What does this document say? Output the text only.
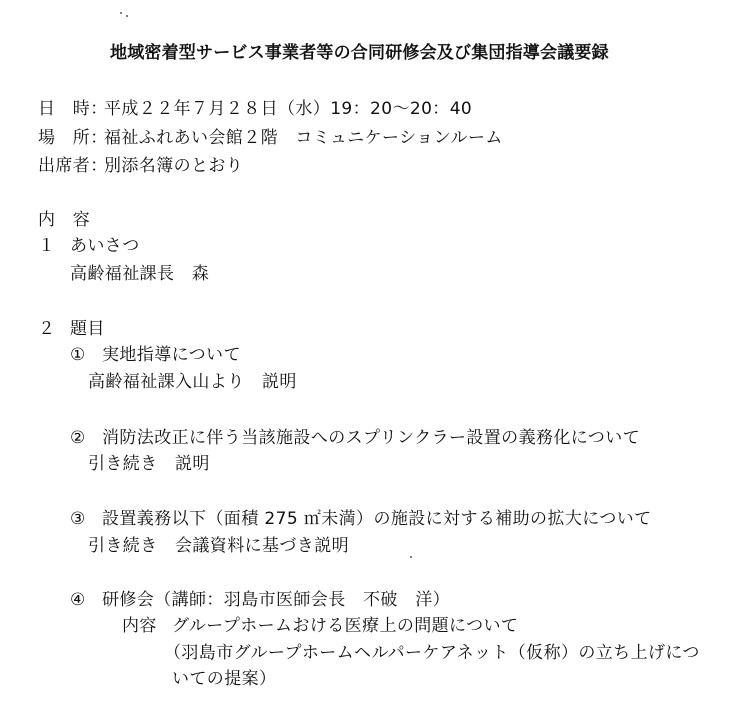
地域密着型サービス事業者等の合同研修会及び集団指導会議要録
日　時：
平成２２年７月２８日（水）19：20～20：40
場　所：
福祉ふれあい会館２階　コミュニケーションルーム
出席者：
別添名簿のとおり
内　容
１ あいさつ
高齢福祉課長　森
２ 題目
① 実地指導について
高齢福祉課入山より　説明
② 消防法改正に伴う当該施設へのスプリンクラー設置の義務化について
引き続き　説明
③ 設置義務以下（面積 275 ㎡未満）の施設に対する補助の拡大について
引き続き　会議資料に基づき説明
④ 研修会（講師：羽島市医師会長　不破　洋）
内容 グループホームおける医療上の問題について
（羽島市グループホームヘルパーケアネット（仮称）の立ち上げにつ
いての提案）
